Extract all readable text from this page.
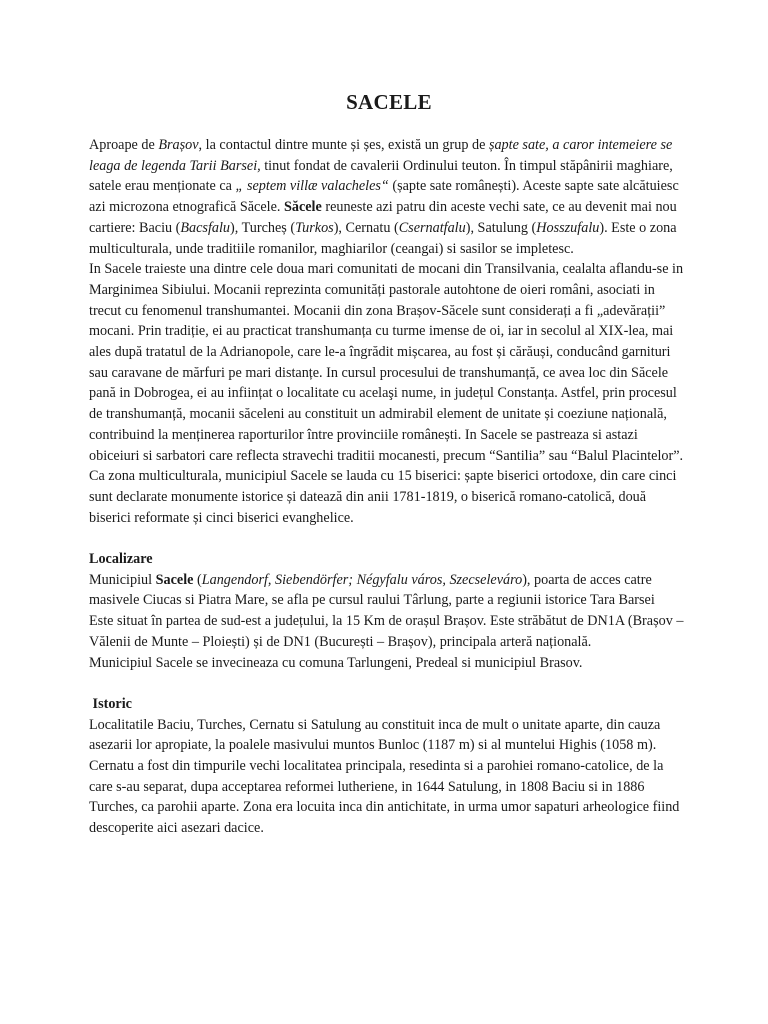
SACELE

Aproape de Brașov, la contactul dintre munte și șes, există un grup de șapte sate, a caror intemeiere se leaga de legenda Tarii Barsei, tinut fondat de cavalerii Ordinului teuton. În timpul stăpânirii maghiare, satele erau menționate ca „ septem villæ valacheles“ (șapte sate românești). Aceste sapte sate alcătuiesc azi microzona etnografică Săcele. Săcele reuneste azi patru din aceste vechi sate, ce au devenit mai nou cartiere: Baciu (Bacsfalu), Turcheș (Turkos), Cernatu (Csernatfalu), Satulung (Hosszufalu). Este o zona multiculturala, unde traditiile romanilor, maghiarilor (ceangai) si sasilor se impletesc.

In Sacele traieste una dintre cele doua mari comunitati de mocani din Transilvania, cealalta aflandu-se in Marginimea Sibiului. Mocanii reprezinta comunități pastorale autohtone de oieri români, asociati in trecut cu fenomenul transhumantei. Mocanii din zona Brașov-Săcele sunt considerați a fi „adevărații” mocani. Prin tradiție, ei au practicat transhumanța cu turme imense de oi, iar in secolul al XIX-lea, mai ales după tratatul de la Adrianopole, care le-a îngrădit mișcarea, au fost și cărăuși, conducând garnituri sau caravane de mărfuri pe mari distanțe. In cursul procesului de transhumanță, ce avea loc din Săcele pană in Dobrogea, ei au inființat o localitate cu acelaşi nume, in județul Constanța. Astfel, prin procesul de transhumanță, mocanii săceleni au constituit un admirabil element de unitate și coeziune națională, contribuind la menținerea raporturilor între provinciile românești. In Sacele se pastreaza si astazi obiceiuri si sarbatori care reflecta stravechi traditii mocanesti, precum “Santilia” sau “Balul Placintelor”.

Ca zona multiculturala, municipiul Sacele se lauda cu 15 biserici: șapte biserici ortodoxe, din care cinci sunt declarate monumente istorice și datează din anii 1781-1819, o biserică romano-catolică, două biserici reformate și cinci biserici evanghelice.

Localizare

Municipiul Sacele (Langendorf, Siebendörfer; Négyfalu város, Szecseleváro), poarta de acces catre masivele Ciucas si Piatra Mare, se afla pe cursul raului Târlung, parte a regiunii istorice Tara Barsei

Este situat în partea de sud-est a județului, la 15 Km de orașul Brașov. Este străbătut de DN1A (Brașov – Vălenii de Munte – Ploiești) și de DN1 (București – Brașov), principala arteră națională.

Municipiul Sacele se invecineaza cu comuna Tarlungeni, Predeal si municipiul Brasov.

Istoric

Localitatile Baciu, Turches, Cernatu si Satulung au constituit inca de mult o unitate aparte, din cauza asezarii lor apropiate, la poalele masivului muntos Bunloc (1187 m) si al muntelui Highis (1058 m). Cernatu a fost din timpurile vechi localitatea principala, resedinta si a parohiei romano-catolice, de la care s-au separat, dupa acceptarea reformei lutheriene, in 1644 Satulung, in 1808 Baciu si in 1886 Turches, ca parohii aparte. Zona era locuita inca din antichitate, in urma umor sapaturi arheologice fiind descoperite aici asezari dacice.
